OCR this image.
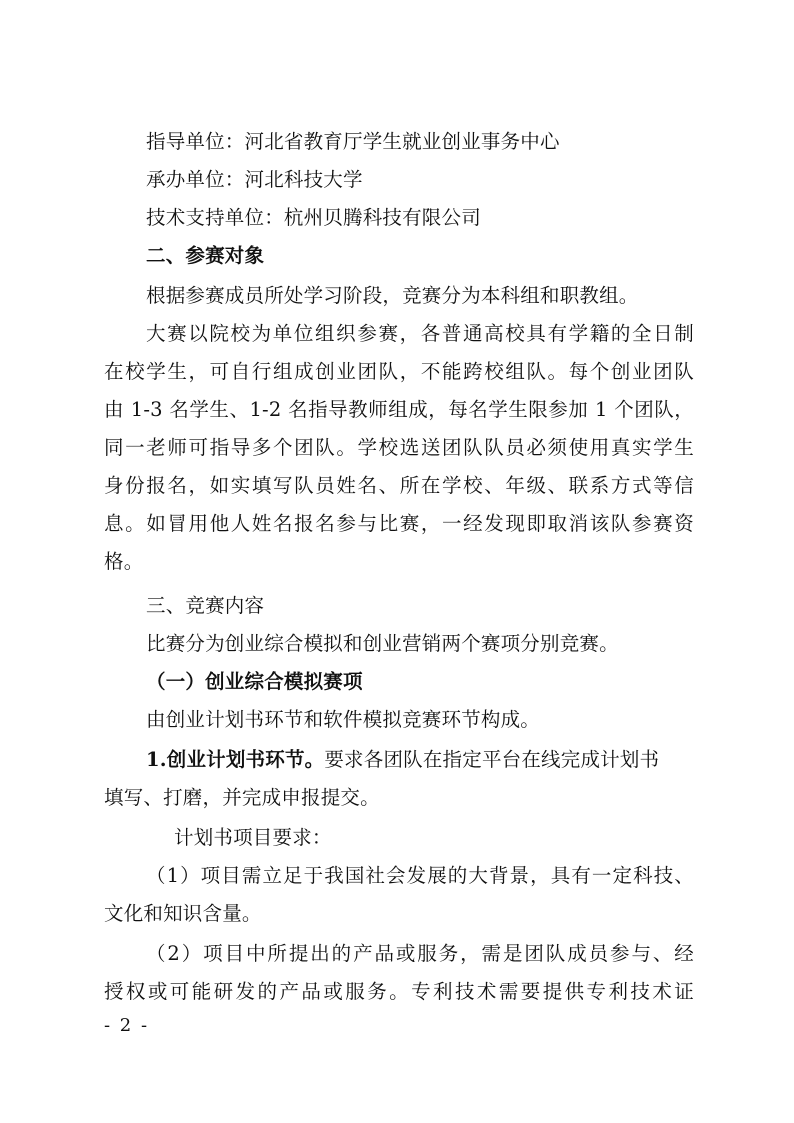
指导单位：河北省教育厅学生就业创业事务中心
承办单位：河北科技大学
技术支持单位：杭州贝腾科技有限公司
二、参赛对象
根据参赛成员所处学习阶段，竞赛分为本科组和职教组。
大赛以院校为单位组织参赛，各普通高校具有学籍的全日制
在校学生，可自行组成创业团队，不能跨校组队。每个创业团队
由 1-3 名学生、1-2 名指导教师组成，每名学生限参加 1 个团队，
同一老师可指导多个团队。学校选送团队队员必须使用真实学生
身份报名，如实填写队员姓名、所在学校、年级、联系方式等信
息。如冒用他人姓名报名参与比赛，一经发现即取消该队参赛资
格。
三、竞赛内容
比赛分为创业综合模拟和创业营销两个赛项分别竞赛。
（一）创业综合模拟赛项
由创业计划书环节和软件模拟竞赛环节构成。
1.创业计划书环节。要求各团队在指定平台在线完成计划书
填写、打磨，并完成申报提交。
计划书项目要求：
（1）项目需立足于我国社会发展的大背景，具有一定科技、
文化和知识含量。
（2）项目中所提出的产品或服务，需是团队成员参与、经
授权或可能研发的产品或服务。专利技术需要提供专利技术证
- 2 -
